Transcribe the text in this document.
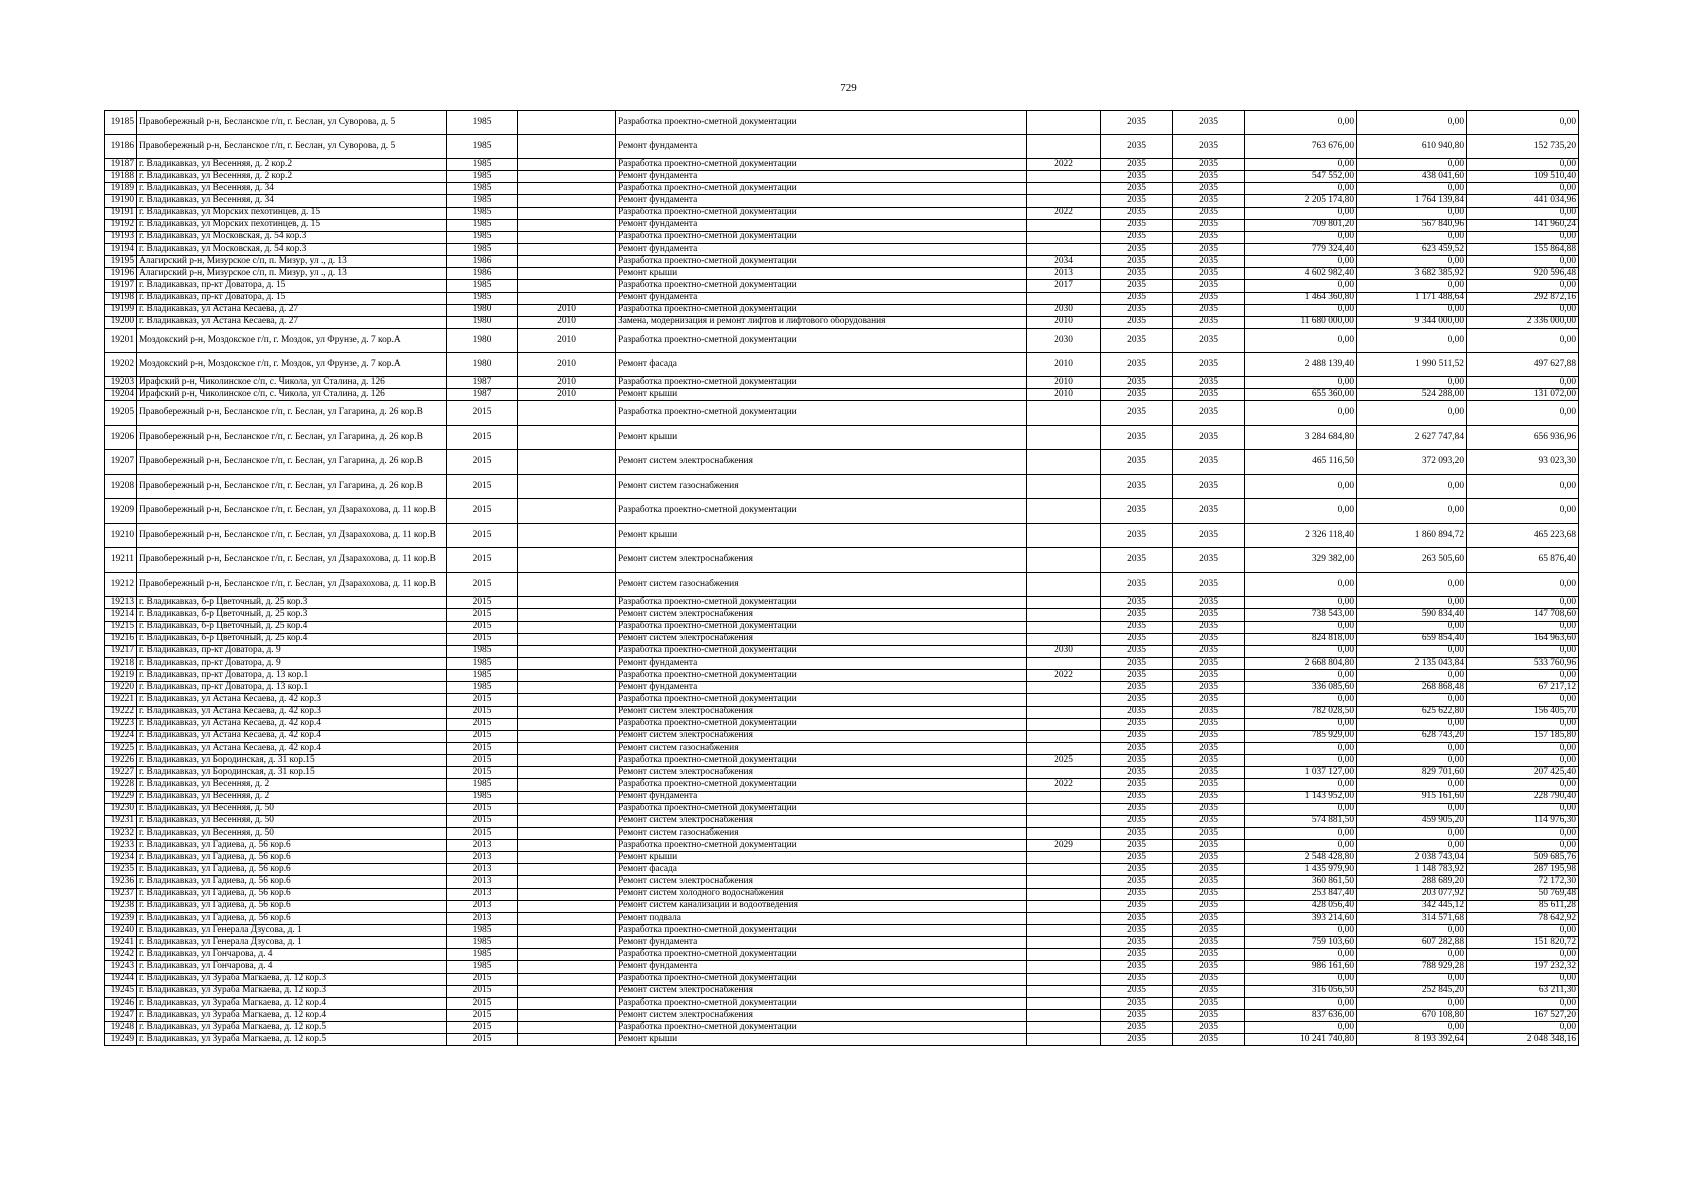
729
19185	Правобережный р-н, Бесланское г/п, г. Беслан, ул Суворова, д. 5	1985		Разработка проектно-сметной документации		2035	2035	0,00	0,00	0,00
19186	Правобережный р-н, Бесланское г/п, г. Беслан, ул Суворова, д. 5	1985		Ремонт фундамента		2035	2035	763 676,00	610 940,80	152 735,20
19187	г. Владикавказ, ул Весенняя, д. 2 кор.2	1985		Разработка проектно-сметной документации	2022	2035	2035	0,00	0,00	0,00
19188	г. Владикавказ, ул Весенняя, д. 2 кор.2	1985		Ремонт фундамента		2035	2035	547 552,00	438 041,60	109 510,40
19189	г. Владикавказ, ул Весенняя, д. 34	1985		Разработка проектно-сметной документации		2035	2035	0,00	0,00	0,00
19190	г. Владикавказ, ул Весенняя, д. 34	1985		Ремонт фундамента		2035	2035	2 205 174,80	1 764 139,84	441 034,96
19191	г. Владикавказ, ул Морских пехотинцев, д. 15	1985		Разработка проектно-сметной документации	2022	2035	2035	0,00	0,00	0,00
19192	г. Владикавказ, ул Морских пехотинцев, д. 15	1985		Ремонт фундамента		2035	2035	709 801,20	567 840,96	141 960,24
19193	г. Владикавказ, ул Московская, д. 54 кор.3	1985		Разработка проектно-сметной документации		2035	2035	0,00	0,00	0,00
19194	г. Владикавказ, ул Московская, д. 54 кор.3	1985		Ремонт фундамента		2035	2035	779 324,40	623 459,52	155 864,88
19195	Алагирский р-н, Мизурское с/п, п. Мизур, ул ., д. 13	1986		Разработка проектно-сметной документации	2034	2035	2035	0,00	0,00	0,00
19196	Алагирский р-н, Мизурское с/п, п. Мизур, ул ., д. 13	1986		Ремонт крыши	2013	2035	2035	4 602 982,40	3 682 385,92	920 596,48
19197	г. Владикавказ, пр-кт Доватора, д. 15	1985		Разработка проектно-сметной документации	2017	2035	2035	0,00	0,00	0,00
19198	г. Владикавказ, пр-кт Доватора, д. 15	1985		Ремонт фундамента		2035	2035	1 464 360,80	1 171 488,64	292 872,16
19199	г. Владикавказ, ул Астана Кесаева, д. 27	1980	2010	Разработка проектно-сметной документации	2030	2035	2035	0,00	0,00	0,00
19200	г. Владикавказ, ул Астана Кесаева, д. 27	1980	2010	Замена, модернизация и ремонт лифтов и лифтового оборудования	2010	2035	2035	11 680 000,00	9 344 000,00	2 336 000,00
19201	Моздокский р-н, Моздокское г/п, г. Моздок, ул Фрунзе, д. 7 кор.А	1980	2010	Разработка проектно-сметной документации	2030	2035	2035	0,00	0,00	0,00
19202	Моздокский р-н, Моздокское г/п, г. Моздок, ул Фрунзе, д. 7 кор.А	1980	2010	Ремонт фасада	2010	2035	2035	2 488 139,40	1 990 511,52	497 627,88
19203	Ирафский р-н, Чиколинское с/п, с. Чикола, ул Сталина, д. 126	1987	2010	Разработка проектно-сметной документации	2010	2035	2035	0,00	0,00	0,00
19204	Ирафский р-н, Чиколинское с/п, с. Чикола, ул Сталина, д. 126	1987	2010	Ремонт крыши	2010	2035	2035	655 360,00	524 288,00	131 072,00
19205	Правобережный р-н, Бесланское г/п, г. Беслан, ул Гагарина, д. 26 кор.В	2015		Разработка проектно-сметной документации		2035	2035	0,00	0,00	0,00
19206	Правобережный р-н, Бесланское г/п, г. Беслан, ул Гагарина, д. 26 кор.В	2015		Ремонт крыши		2035	2035	3 284 684,80	2 627 747,84	656 936,96
19207	Правобережный р-н, Бесланское г/п, г. Беслан, ул Гагарина, д. 26 кор.В	2015		Ремонт систем электроснабжения		2035	2035	465 116,50	372 093,20	93 023,30
19208	Правобережный р-н, Бесланское г/п, г. Беслан, ул Гагарина, д. 26 кор.В	2015		Ремонт систем газоснабжения		2035	2035	0,00	0,00	0,00
19209	Правобережный р-н, Бесланское г/п, г. Беслан, ул Дзарахохова, д. 11 кор.В	2015		Разработка проектно-сметной документации		2035	2035	0,00	0,00	0,00
19210	Правобережный р-н, Бесланское г/п, г. Беслан, ул Дзарахохова, д. 11 кор.В	2015		Ремонт крыши		2035	2035	2 326 118,40	1 860 894,72	465 223,68
19211	Правобережный р-н, Бесланское г/п, г. Беслан, ул Дзарахохова, д. 11 кор.В	2015		Ремонт систем электроснабжения		2035	2035	329 382,00	263 505,60	65 876,40
19212	Правобережный р-н, Бесланское г/п, г. Беслан, ул Дзарахохова, д. 11 кор.В	2015		Ремонт систем газоснабжения		2035	2035	0,00	0,00	0,00
19213	г. Владикавказ, б-р Цветочный, д. 25 кор.3	2015		Разработка проектно-сметной документации		2035	2035	0,00	0,00	0,00
19214	г. Владикавказ, б-р Цветочный, д. 25 кор.3	2015		Ремонт систем электроснабжения		2035	2035	738 543,00	590 834,40	147 708,60
19215	г. Владикавказ, б-р Цветочный, д. 25 кор.4	2015		Разработка проектно-сметной документации		2035	2035	0,00	0,00	0,00
19216	г. Владикавказ, б-р Цветочный, д. 25 кор.4	2015		Ремонт систем электроснабжения		2035	2035	824 818,00	659 854,40	164 963,60
19217	г. Владикавказ, пр-кт Доватора, д. 9	1985		Разработка проектно-сметной документации	2030	2035	2035	0,00	0,00	0,00
19218	г. Владикавказ, пр-кт Доватора, д. 9	1985		Ремонт фундамента		2035	2035	2 668 804,80	2 135 043,84	533 760,96
19219	г. Владикавказ, пр-кт Доватора, д. 13 кор.1	1985		Разработка проектно-сметной документации	2022	2035	2035	0,00	0,00	0,00
19220	г. Владикавказ, пр-кт Доватора, д. 13 кор.1	1985		Ремонт фундамента		2035	2035	336 085,60	268 868,48	67 217,12
19221	г. Владикавказ, ул Астана Кесаева, д. 42 кор.3	2015		Разработка проектно-сметной документации		2035	2035	0,00	0,00	0,00
19222	г. Владикавказ, ул Астана Кесаева, д. 42 кор.3	2015		Ремонт систем электроснабжения		2035	2035	782 028,50	625 622,80	156 405,70
19223	г. Владикавказ, ул Астана Кесаева, д. 42 кор.4	2015		Разработка проектно-сметной документации		2035	2035	0,00	0,00	0,00
19224	г. Владикавказ, ул Астана Кесаева, д. 42 кор.4	2015		Ремонт систем электроснабжения		2035	2035	785 929,00	628 743,20	157 185,80
19225	г. Владикавказ, ул Астана Кесаева, д. 42 кор.4	2015		Ремонт систем газоснабжения		2035	2035	0,00	0,00	0,00
19226	г. Владикавказ, ул Бородинская, д. 31 кор.15	2015		Разработка проектно-сметной документации	2025	2035	2035	0,00	0,00	0,00
19227	г. Владикавказ, ул Бородинская, д. 31 кор.15	2015		Ремонт систем электроснабжения		2035	2035	1 037 127,00	829 701,60	207 425,40
19228	г. Владикавказ, ул Весенняя, д. 2	1985		Разработка проектно-сметной документации	2022	2035	2035	0,00	0,00	0,00
19229	г. Владикавказ, ул Весенняя, д. 2	1985		Ремонт фундамента		2035	2035	1 143 952,00	915 161,60	228 790,40
19230	г. Владикавказ, ул Весенняя, д. 50	2015		Разработка проектно-сметной документации		2035	2035	0,00	0,00	0,00
19231	г. Владикавказ, ул Весенняя, д. 50	2015		Ремонт систем электроснабжения		2035	2035	574 881,50	459 905,20	114 976,30
19232	г. Владикавказ, ул Весенняя, д. 50	2015		Ремонт систем газоснабжения		2035	2035	0,00	0,00	0,00
19233	г. Владикавказ, ул Гадиева, д. 56 кор.6	2013		Разработка проектно-сметной документации	2029	2035	2035	0,00	0,00	0,00
19234	г. Владикавказ, ул Гадиева, д. 56 кор.6	2013		Ремонт крыши		2035	2035	2 548 428,80	2 038 743,04	509 685,76
19235	г. Владикавказ, ул Гадиева, д. 56 кор.6	2013		Ремонт фасада		2035	2035	1 435 979,90	1 148 783,92	287 195,98
19236	г. Владикавказ, ул Гадиева, д. 56 кор.6	2013		Ремонт систем электроснабжения		2035	2035	360 861,50	288 689,20	72 172,30
19237	г. Владикавказ, ул Гадиева, д. 56 кор.6	2013		Ремонт систем холодного водоснабжения		2035	2035	253 847,40	203 077,92	50 769,48
19238	г. Владикавказ, ул Гадиева, д. 56 кор.6	2013		Ремонт систем канализации и водоотведения		2035	2035	428 056,40	342 445,12	85 611,28
19239	г. Владикавказ, ул Гадиева, д. 56 кор.6	2013		Ремонт подвала		2035	2035	393 214,60	314 571,68	78 642,92
19240	г. Владикавказ, ул Генерала Дзусова, д. 1	1985		Разработка проектно-сметной документации		2035	2035	0,00	0,00	0,00
19241	г. Владикавказ, ул Генерала Дзусова, д. 1	1985		Ремонт фундамента		2035	2035	759 103,60	607 282,88	151 820,72
19242	г. Владикавказ, ул Гончарова, д. 4	1985		Разработка проектно-сметной документации		2035	2035	0,00	0,00	0,00
19243	г. Владикавказ, ул Гончарова, д. 4	1985		Ремонт фундамента		2035	2035	986 161,60	788 929,28	197 232,32
19244	г. Владикавказ, ул Зураба Магкаева, д. 12 кор.3	2015		Разработка проектно-сметной документации		2035	2035	0,00	0,00	0,00
19245	г. Владикавказ, ул Зураба Магкаева, д. 12 кор.3	2015		Ремонт систем электроснабжения		2035	2035	316 056,50	252 845,20	63 211,30
19246	г. Владикавказ, ул Зураба Магкаева, д. 12 кор.4	2015		Разработка проектно-сметной документации		2035	2035	0,00	0,00	0,00
19247	г. Владикавказ, ул Зураба Магкаева, д. 12 кор.4	2015		Ремонт систем электроснабжения		2035	2035	837 636,00	670 108,80	167 527,20
19248	г. Владикавказ, ул Зураба Магкаева, д. 12 кор.5	2015		Разработка проектно-сметной документации		2035	2035	0,00	0,00	0,00
19249	г. Владикавказ, ул Зураба Магкаева, д. 12 кор.5	2015		Ремонт крыши		2035	2035	10 241 740,80	8 193 392,64	2 048 348,16
